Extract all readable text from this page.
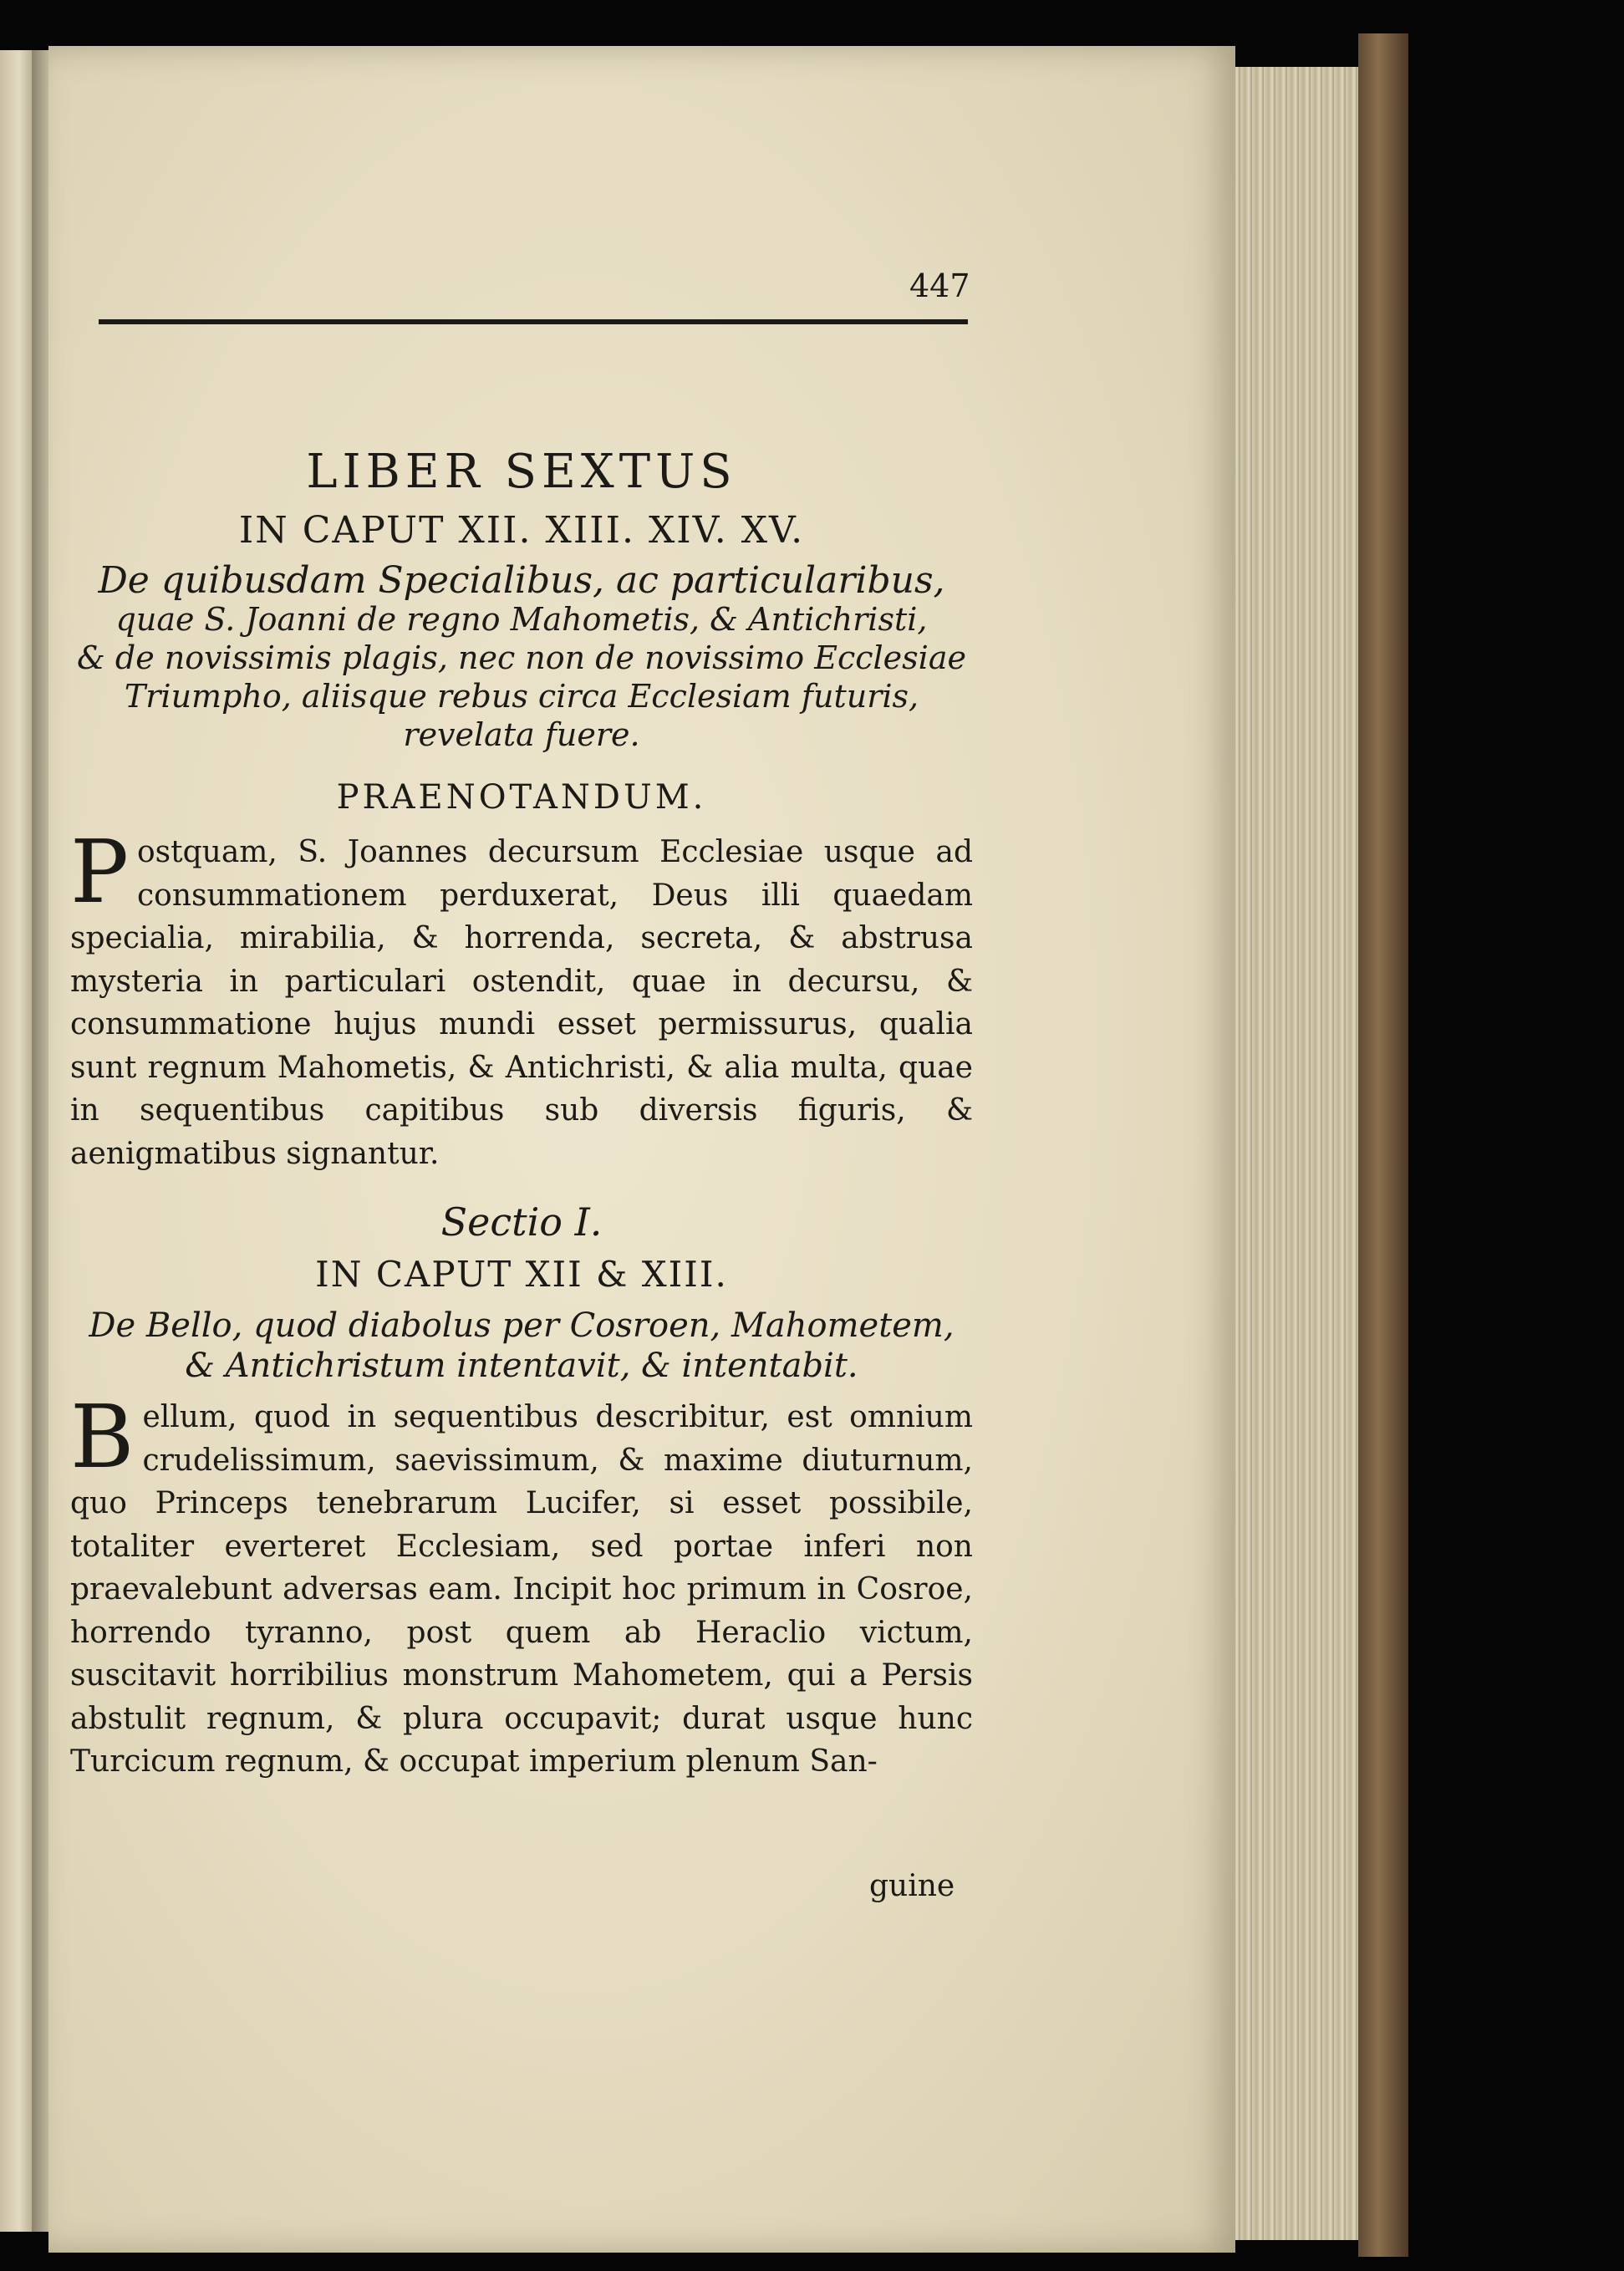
447
LIBER SEXTUS
IN CAPUT XII. XIII. XIV. XV.
De quibusdam Specialibus, ac particularibus,
quae S. Joanni de regno Mahometis, & Antichristi,
& de novissimis plagis, nec non de novissimo Ecclesiae
Triumpho, aliisque rebus circa Ecclesiam futuris,
revelata fuere.
PRAENOTANDUM.

Postquam, S. Joannes decursum Ecclesiae usque ad consummationem perduxerat, Deus illi quaedam specialia, mirabilia, & horrenda, secreta, & abstrusa mysteria in particulari ostendit, quae in decursu, & consummatione hujus mundi esset permissurus, qualia sunt regnum Mahometis, & Antichristi, & alia multa, quae in sequentibus capitibus sub diversis figuris, & aenigmatibus signantur.

Sectio I.
IN CAPUT XII & XIII.
De Bello, quod diabolus per Cosroen, Mahometem, & Antichristum intentavit, & intentabit.

Bellum, quod in sequentibus describitur, est omnium crudelissimum, saevissimum, & maxime diuturnum, quo Princeps tenebrarum Lucifer, si esset possibile, totaliter everteret Ecclesiam, sed portae inferi non praevalebunt adversas eam. Incipit hoc primum in Cosroe, horrendo tyranno, post quem ab Heraclio victum, suscitavit horribilius monstrum Mahometem, qui a Persis abstulit regnum, & plura occupavit; durat usque hunc Turcicum regnum, & occupat imperium plenum San-

guine
